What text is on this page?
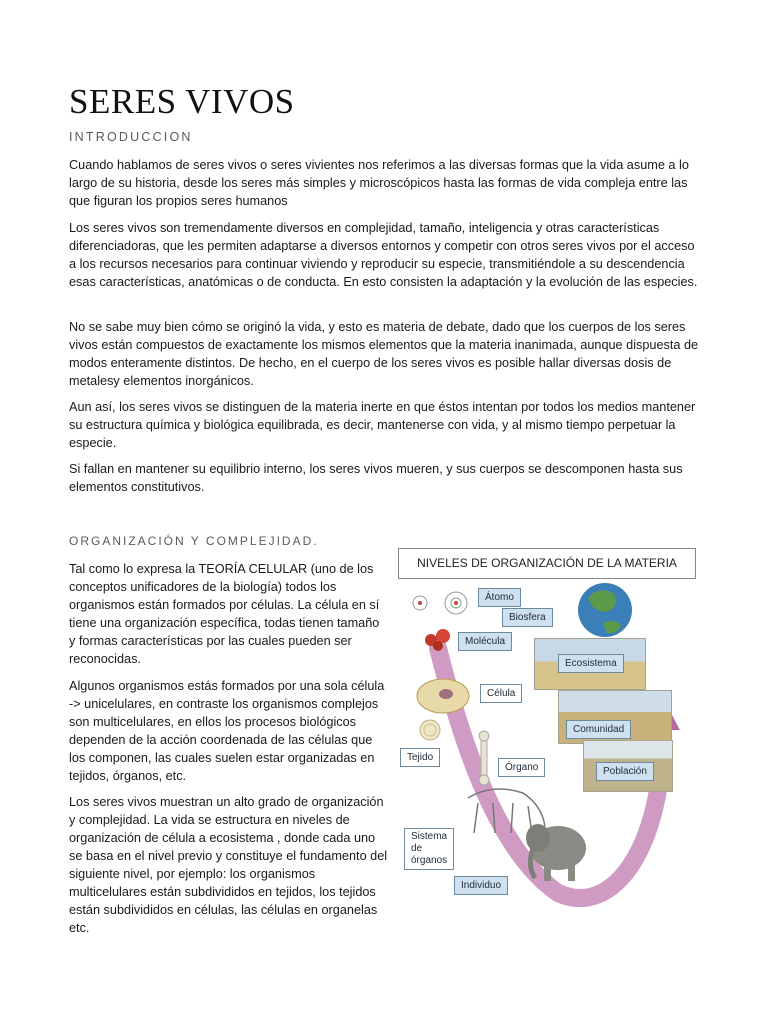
SERES VIVOS
INTRODUCCION

Cuando hablamos de seres vivos o seres vivientes nos referimos a las diversas formas que la vida asume a lo largo de su historia, desde los seres más simples y microscópicos hasta las formas de vida compleja entre las que figuran los propios seres humanos

Los seres vivos son tremendamente diversos en complejidad, tamaño, inteligencia y otras características diferenciadoras, que les permiten adaptarse a diversos entornos y competir con otros seres vivos por el acceso a los recursos necesarios para continuar viviendo y reproducir su especie, transmitiéndole a su descendencia esas características, anatómicas o de conducta. En esto consisten la adaptación y la evolución de las especies.

No se sabe muy bien cómo se originó la vida, y esto es materia de debate, dado que los cuerpos de los seres vivos están compuestos de exactamente los mismos elementos que la materia inanimada, aunque dispuesta de modos enteramente distintos. De hecho, en el cuerpo de los seres vivos es posible hallar diversas dosis de metalesy elementos inorgánicos.

Aun así, los seres vivos se distinguen de la materia inerte en que éstos intentan por todos los medios mantener su estructura química y biológica equilibrada, es decir, mantenerse con vida, y al mismo tiempo perpetuar la especie.

Si fallan en mantener su equilibrio interno, los seres vivos mueren, y sus cuerpos se descomponen hasta sus elementos constitutivos.

ORGANIZACIÓN Y COMPLEJIDAD.

Tal como lo expresa la TEORÍA CELULAR (uno de los conceptos unificadores de la biología) todos los organismos están formados por células. La célula en sí tiene una organización específica, todas tienen tamaño y formas características por las cuales pueden ser reconocidas.

Algunos organismos estás formados por una sola célula -> unicelulares, en contraste los organismos complejos son multicelulares, en ellos los procesos biológicos dependen de la acción coordenada de las células que los componen, las cuales suelen estar organizadas en tejidos, órganos, etc.

Los seres vivos muestran un alto grado de organización y complejidad. La vida se estructura en niveles de organización de célula a ecosistema , donde cada uno se basa en el nivel previo y constituye el fundamento del siguiente nivel, por ejemplo: los organismos multicelulares están subdivididos en tejidos, los tejidos están subdivididos en células, las células en organelas etc.

NIVELES DE ORGANIZACIÓN DE LA MATERIA
Átomo
Biosfera
Molécula
Ecosistema
Célula
Comunidad
Tejido
Órgano	Población
Sistema
de
órganos
Individuo
